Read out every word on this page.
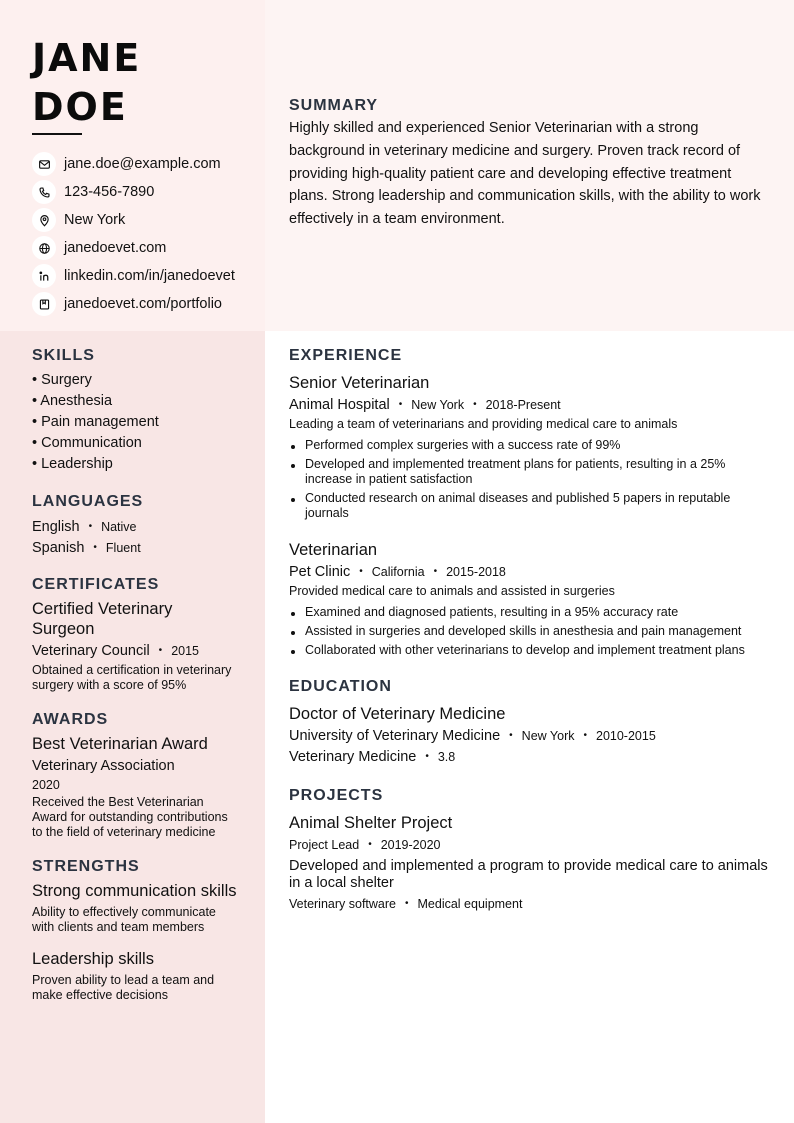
JANE
DOE
jane.doe@example.com
123-456-7890
New York
janedoevet.com
linkedin.com/in/janedoevet
janedoevet.com/portfolio
SUMMARY

Highly skilled and experienced Senior Veterinarian with a strong background in veterinary medicine and surgery. Proven track record of providing high-quality patient care and developing effective treatment plans. Strong leadership and communication skills, with the ability to work effectively in a team environment.

SKILLS
• Surgery
• Anesthesia
• Pain management
• Communication
• Leadership
LANGUAGES
English • Native
Spanish • Fluent
CERTIFICATES
Certified Veterinary Surgeon
Veterinary Council • 2015
Obtained a certification in veterinary surgery with a score of 95%
AWARDS
Best Veterinarian Award
Veterinary Association
2020
Received the Best Veterinarian Award for outstanding contributions to the field of veterinary medicine
STRENGTHS
Strong communication skills
Ability to effectively communicate with clients and team members
Leadership skills
Proven ability to lead a team and make effective decisions
EXPERIENCE
Senior Veterinarian
Animal Hospital • New York • 2018-Present
Leading a team of veterinarians and providing medical care to animals
Performed complex surgeries with a success rate of 99%
Developed and implemented treatment plans for patients, resulting in a 25% increase in patient satisfaction
Conducted research on animal diseases and published 5 papers in reputable journals
Veterinarian
Pet Clinic • California • 2015-2018
Provided medical care to animals and assisted in surgeries
Examined and diagnosed patients, resulting in a 95% accuracy rate
Assisted in surgeries and developed skills in anesthesia and pain management
Collaborated with other veterinarians to develop and implement treatment plans
EDUCATION
Doctor of Veterinary Medicine
University of Veterinary Medicine • New York • 2010-2015
Veterinary Medicine • 3.8
PROJECTS
Animal Shelter Project
Project Lead • 2019-2020
Developed and implemented a program to provide medical care to animals in a local shelter
Veterinary software • Medical equipment
